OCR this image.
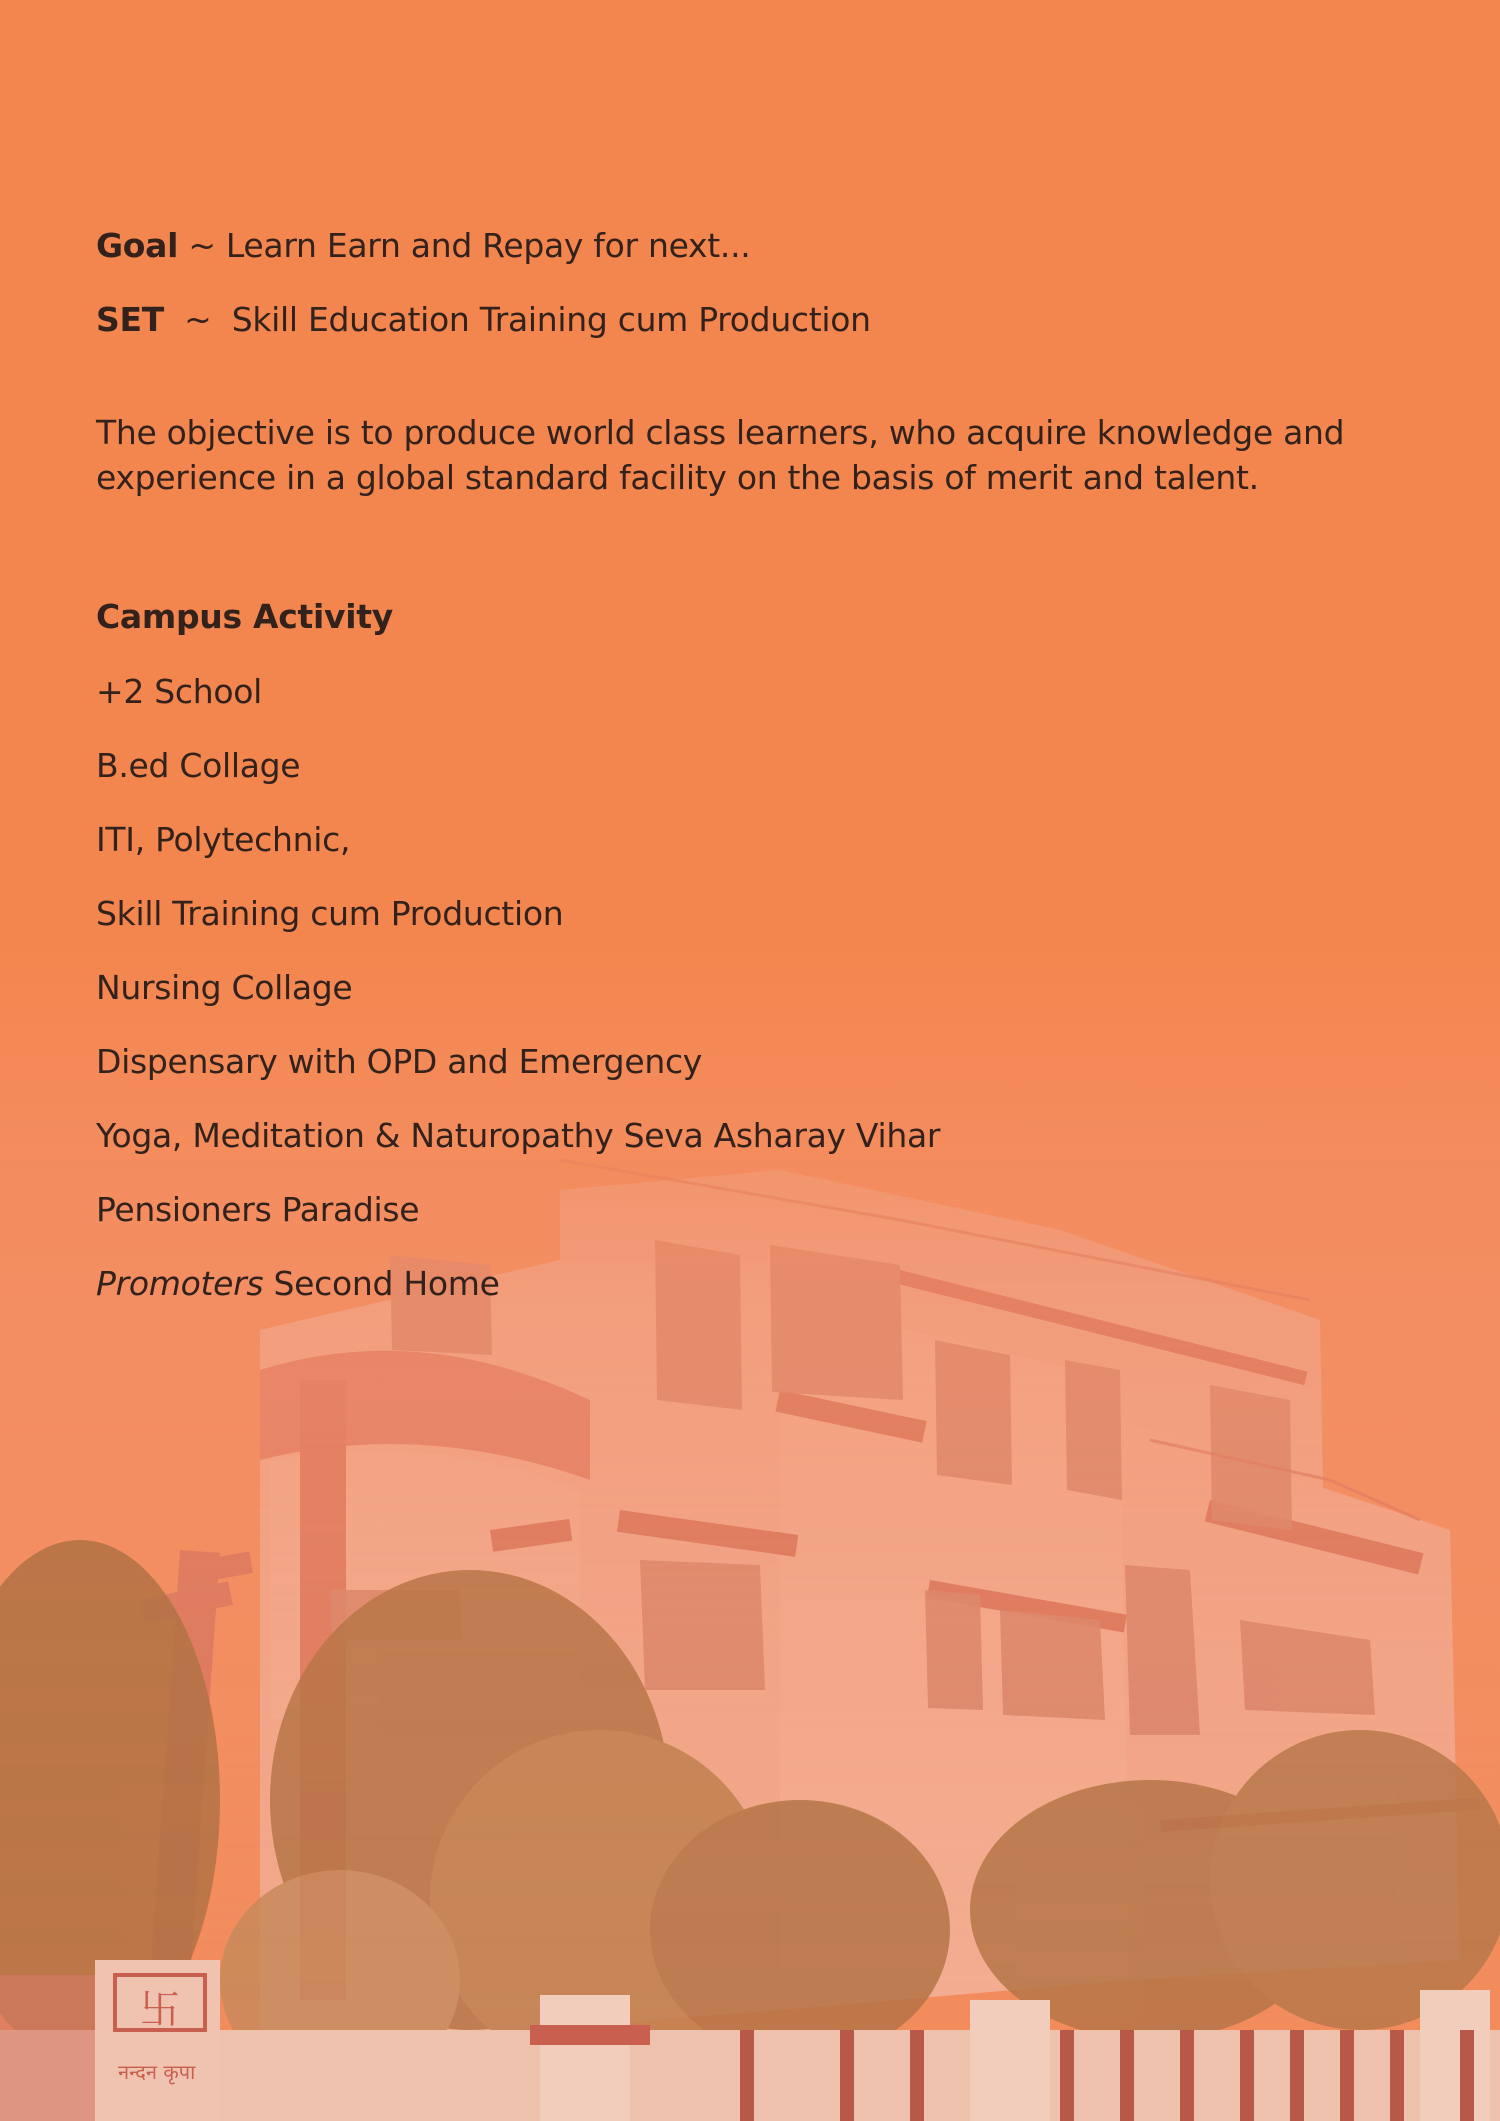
卐
नन्दन कृपा
Goal ~ Learn Earn and Repay for next...
SET ~ Skill Education Training cum Production
The objective is to produce world class learners, who acquire knowledge and experience in a global standard facility on the basis of merit and talent.
Campus Activity
+2 School
B.ed Collage
ITI, Polytechnic,
Skill Training cum Production
Nursing Collage
Dispensary with OPD and Emergency
Yoga, Meditation & Naturopathy Seva Asharay Vihar
Pensioners Paradise
Promoters Second Home
